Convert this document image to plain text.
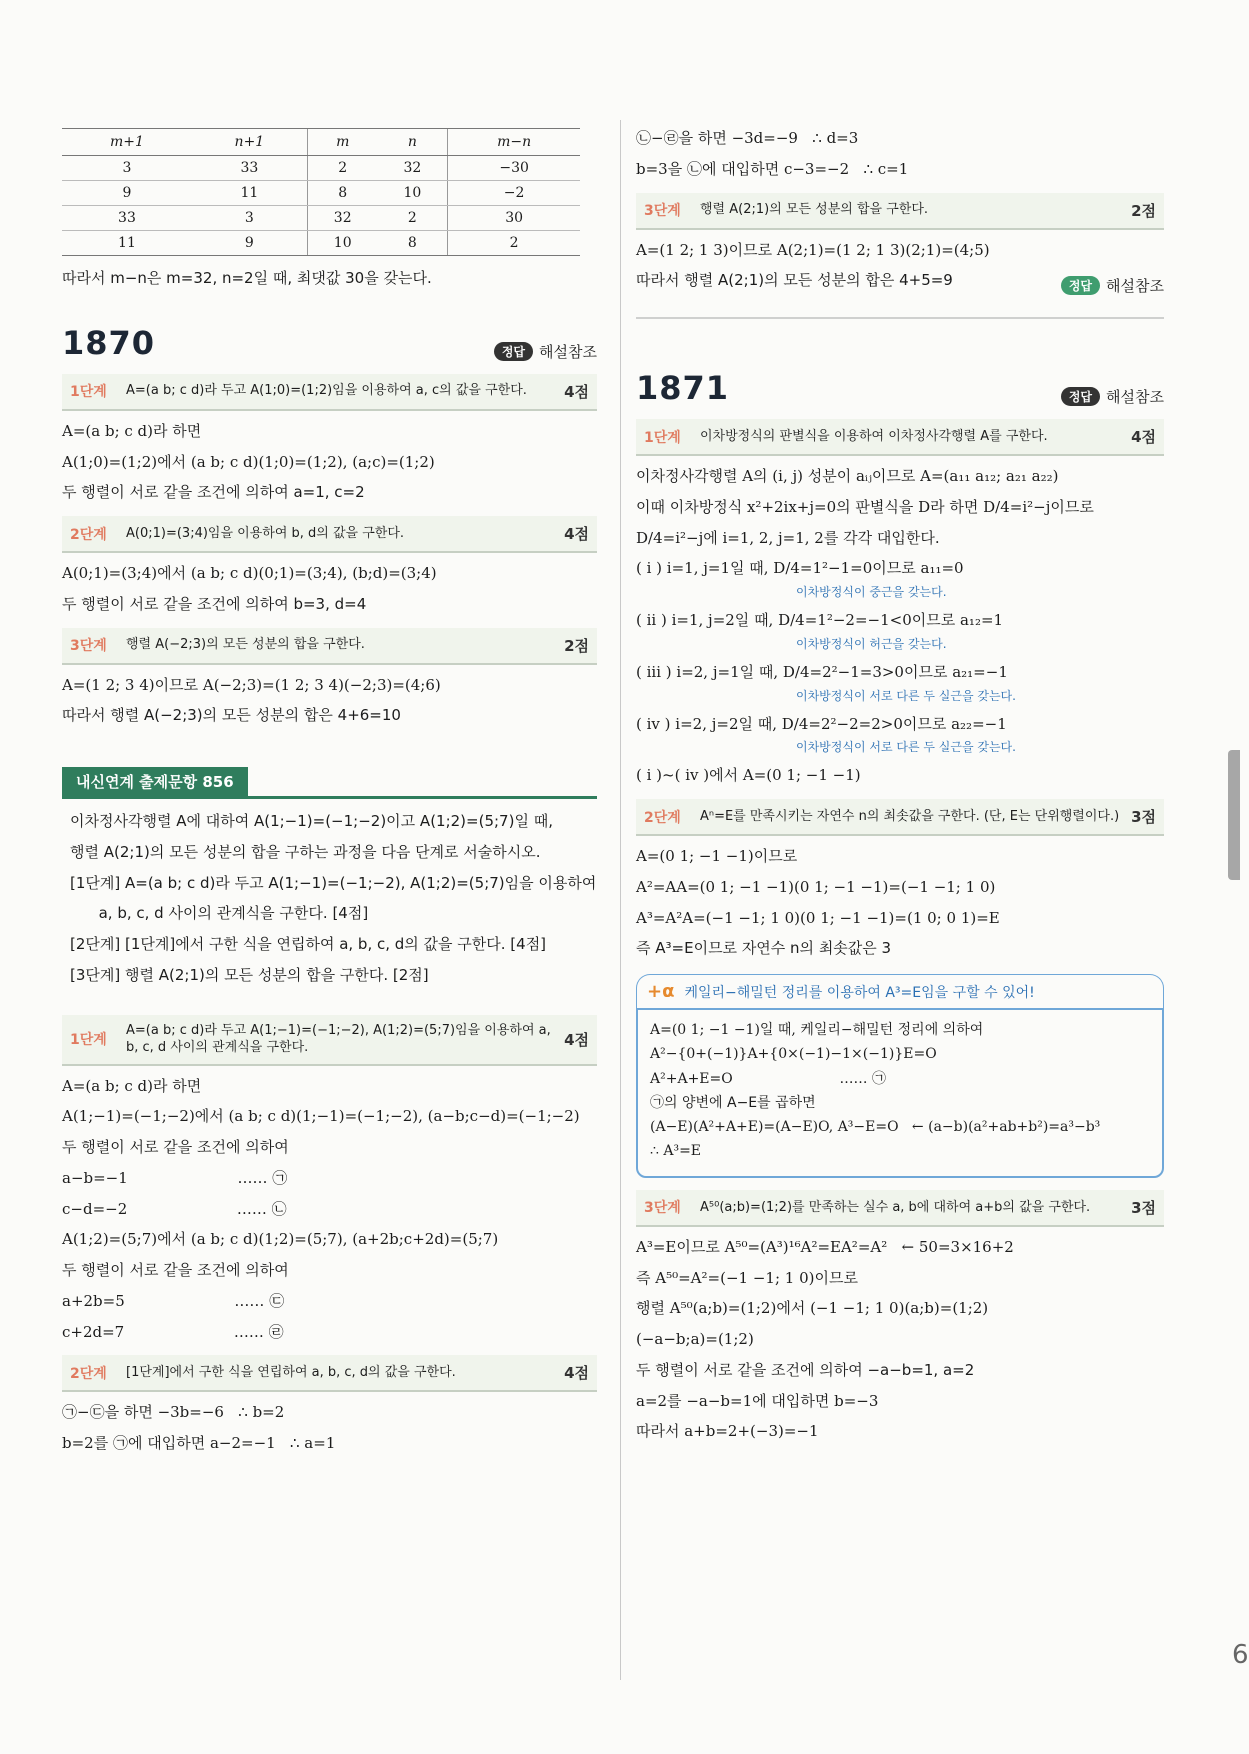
6
m+1	n+1	m	n	m−n
3	33	2	32	−30
9	11	8	10	−2
33	3	32	2	30
11	9	10	8	2

따라서 m−n은 m=32, n=2일 때, 최댓값 30을 갖는다.

1870	정답 해설참조
1단계	A=(a b; c d)라 두고 A(1;0)=(1;2)임을 이용하여 a, c의 값을 구한다.	4점

A=(a b; c d)라 하면

A(1;0)=(1;2)에서 (a b; c d)(1;0)=(1;2), (a;c)=(1;2)

두 행렬이 서로 같을 조건에 의하여 a=1, c=2

2단계	A(0;1)=(3;4)임을 이용하여 b, d의 값을 구한다.	4점

A(0;1)=(3;4)에서 (a b; c d)(0;1)=(3;4), (b;d)=(3;4)

두 행렬이 서로 같을 조건에 의하여 b=3, d=4

3단계	행렬 A(−2;3)의 모든 성분의 합을 구한다.	2점

A=(1 2; 3 4)이므로 A(−2;3)=(1 2; 3 4)(−2;3)=(4;6)

따라서 행렬 A(−2;3)의 모든 성분의 합은 4+6=10

내신연계 출제문항 856

이차정사각행렬 A에 대하여 A(1;−1)=(−1;−2)이고 A(1;2)=(5;7)일 때,

행렬 A(2;1)의 모든 성분의 합을 구하는 과정을 다음 단계로 서술하시오.

[1단계] A=(a b; c d)라 두고 A(1;−1)=(−1;−2), A(1;2)=(5;7)임을 이용하여

a, b, c, d 사이의 관계식을 구한다. [4점]

[2단계] [1단계]에서 구한 식을 연립하여 a, b, c, d의 값을 구한다. [4점]

[3단계] 행렬 A(2;1)의 모든 성분의 합을 구한다. [2점]

1단계
A=(a b; c d)라 두고 A(1;−1)=(−1;−2), A(1;2)=(5;7)임을 이용하여 a, b, c, d 사이의 관계식을 구한다.	4점

A=(a b; c d)라 하면

A(1;−1)=(−1;−2)에서 (a b; c d)(1;−1)=(−1;−2), (a−b;c−d)=(−1;−2)

두 행렬이 서로 같을 조건에 의하여

a−b=−1                       …… ㉠

c−d=−2                       …… ㉡

A(1;2)=(5;7)에서 (a b; c d)(1;2)=(5;7), (a+2b;c+2d)=(5;7)

두 행렬이 서로 같을 조건에 의하여

a+2b=5                       …… ㉢

c+2d=7                       …… ㉣

2단계	[1단계]에서 구한 식을 연립하여 a, b, c, d의 값을 구한다.	4점

㉠−㉢을 하면 −3b=−6   ∴ b=2

b=2를 ㉠에 대입하면 a−2=−1   ∴ a=1

㉡−㉣을 하면 −3d=−9   ∴ d=3

b=3을 ㉡에 대입하면 c−3=−2   ∴ c=1

3단계	행렬 A(2;1)의 모든 성분의 합을 구한다.	2점

A=(1 2; 1 3)이므로 A(2;1)=(1 2; 1 3)(2;1)=(4;5)

따라서 행렬 A(2;1)의 모든 성분의 합은 4+5=9	정답 해설참조
1871	정답 해설참조
1단계	이차방정식의 판별식을 이용하여 이차정사각행렬 A를 구한다.	4점

이차정사각행렬 A의 (i, j) 성분이 aᵢⱼ이므로 A=(a₁₁ a₁₂; a₂₁ a₂₂)

이때 이차방정식 x²+2ix+j=0의 판별식을 D라 하면 D/4=i²−j이므로

D/4=i²−j에 i=1, 2, j=1, 2를 각각 대입한다.

( i ) i=1, j=1일 때, D/4=1²−1=0이므로 a₁₁=0

이차방정식이 중근을 갖는다.

( ii ) i=1, j=2일 때, D/4=1²−2=−1<0이므로 a₁₂=1

이차방정식이 허근을 갖는다.

( iii ) i=2, j=1일 때, D/4=2²−1=3>0이므로 a₂₁=−1

이차방정식이 서로 다른 두 실근을 갖는다.

( iv ) i=2, j=2일 때, D/4=2²−2=2>0이므로 a₂₂=−1

이차방정식이 서로 다른 두 실근을 갖는다.

( i )~( iv )에서 A=(0 1; −1 −1)

2단계	Aⁿ=E를 만족시키는 자연수 n의 최솟값을 구한다. (단, E는 단위행렬이다.) 3점

A=(0 1; −1 −1)이므로

A²=AA=(0 1; −1 −1)(0 1; −1 −1)=(−1 −1; 1 0)

A³=A²A=(−1 −1; 1 0)(0 1; −1 −1)=(1 0; 0 1)=E

즉 A³=E이므로 자연수 n의 최솟값은 3

+α 케일리−해밀턴 정리를 이용하여 A³=E임을 구할 수 있어!

A=(0 1; −1 −1)일 때, 케일리−해밀턴 정리에 의하여

A²−{0+(−1)}A+{0×(−1)−1×(−1)}E=O

A²+A+E=O                        …… ㉠

㉠의 양변에 A−E를 곱하면

(A−E)(A²+A+E)=(A−E)O, A³−E=O   ← (a−b)(a²+ab+b²)=a³−b³

∴ A³=E

3단계	A⁵⁰(a;b)=(1;2)를 만족하는 실수 a, b에 대하여 a+b의 값을 구한다.	3점

A³=E이므로 A⁵⁰=(A³)¹⁶A²=EA²=A²   ← 50=3×16+2

즉 A⁵⁰=A²=(−1 −1; 1 0)이므로

행렬 A⁵⁰(a;b)=(1;2)에서 (−1 −1; 1 0)(a;b)=(1;2)

(−a−b;a)=(1;2)

두 행렬이 서로 같을 조건에 의하여 −a−b=1, a=2

a=2를 −a−b=1에 대입하면 b=−3

따라서 a+b=2+(−3)=−1
